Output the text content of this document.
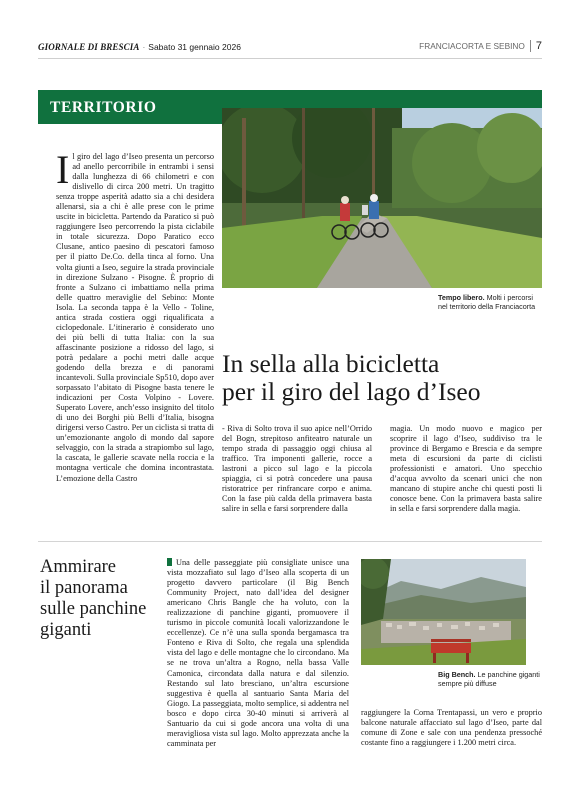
GIORNALE DI BRESCIA · Sabato 31 gennaio 2026	FRANCIACORTA E SEBINO 7
TERRITORIO
Tempo libero. Molti i percorsi nel territorio della Franciacorta
Il giro del lago d’Iseo presenta un percorso ad anello percorribile in entrambi i sensi dalla lunghezza di 66 chilometri e con dislivello di circa 200 metri. Un tragitto senza troppe asperità adatto sia a chi desidera allenarsi, sia a chi è alle prese con le prime uscite in bicicletta. Partendo da Paratico si può raggiungere Iseo percorrendo la pista ciclabile in totale sicurezza. Dopo Paratico ecco Clusane, antico paesino di pescatori famoso per il piatto De.Co. della tinca al forno. Una volta giunti a Iseo, seguire la strada provinciale in direzione Sulzano - Pisogne. È proprio di fronte a Sulzano ci imbattiamo nella prima delle quattro meraviglie del Sebino: Monte Isola. La seconda tappa è la Vello - Toline, antica strada costiera oggi riqualificata a ciclopedonale. L’itinerario è considerato uno dei più belli di tutta Italia: con la sua affascinante posizione a ridosso del lago, si potrà pedalare a pochi metri dalle acque godendo della brezza e di panorami incantevoli. Sulla provinciale Sp510, dopo aver sorpassato l’abitato di Pisogne basta tenere le indicazioni per Costa Volpino - Lovere. Superato Lovere, anch’esso insignito del titolo di uno dei Borghi più Belli d’Italia, bisogna dirigersi verso Castro. Per un ciclista si tratta di un’emozionante angolo di mondo dal sapore selvaggio, con la strada a strapiombo sul lago, la cascata, le gallerie scavate nella roccia e la montagna verticale che domina incontrastata. L’emozione della Castro
In sella alla bicicletta
per il giro del lago d’Iseo
- Riva di Solto trova il suo apice nell’Orrido del Bogn, strepitoso anfiteatro naturale un tempo strada di passaggio oggi chiusa al traffico. Tra imponenti gallerie, rocce a lastroni a picco sul lago e la piccola spiaggia, ci si potrà concedere una pausa ristoratrice per rinfrancare corpo e anima. Con la fase più calda della primavera basta salire in sella e farsi sorprendere dalla
magia. Un modo nuovo e magico per scoprire il lago d’Iseo, suddiviso tra le province di Bergamo e Brescia e da sempre meta di escursioni da parte di ciclisti professionisti e amatori. Uno specchio d’acqua avvolto da scenari unici che non mancano di stupire anche chi questi posti li conosce bene. Con la primavera basta salire in sella e farsi sorprendere dalla magia.
Ammirare
il panorama
sulle panchine
giganti
Una delle passeggiate più consigliate unisce una vista mozzafiato sul lago d’Iseo alla scoperta di un progetto davvero particolare (il Big Bench Community Project, nato dall’idea del designer americano Chris Bangle che ha voluto, con la realizzazione di panchine giganti, promuovere il turismo in piccole comunità locali valorizzandone le eccellenze). Ce n’è una sulla sponda bergamasca tra Fonteno e Riva di Solto, che regala una splendida vista del lago e delle montagne che lo circondano. Ma se ne trova un’altra a Rogno, nella bassa Valle Camonica, circondata dalla natura e dal silenzio. Restando sul lato bresciano, un’altra escursione suggestiva è quella al santuario Santa Maria del Giogo. La passeggiata, molto semplice, si addentra nel bosco e dopo circa 30-40 minuti si arriverà al Santuario da cui si gode ancora una volta di una meravigliosa vista sul lago. Molto apprezzata anche la camminata per
Big Bench. Le panchine giganti sempre più diffuse
raggiungere la Corna Trentapassi, un vero e proprio balcone naturale affacciato sul lago d’Iseo, parte dal comune di Zone e sale con una pendenza pressoché costante fino a raggiungere i 1.200 metri circa.
